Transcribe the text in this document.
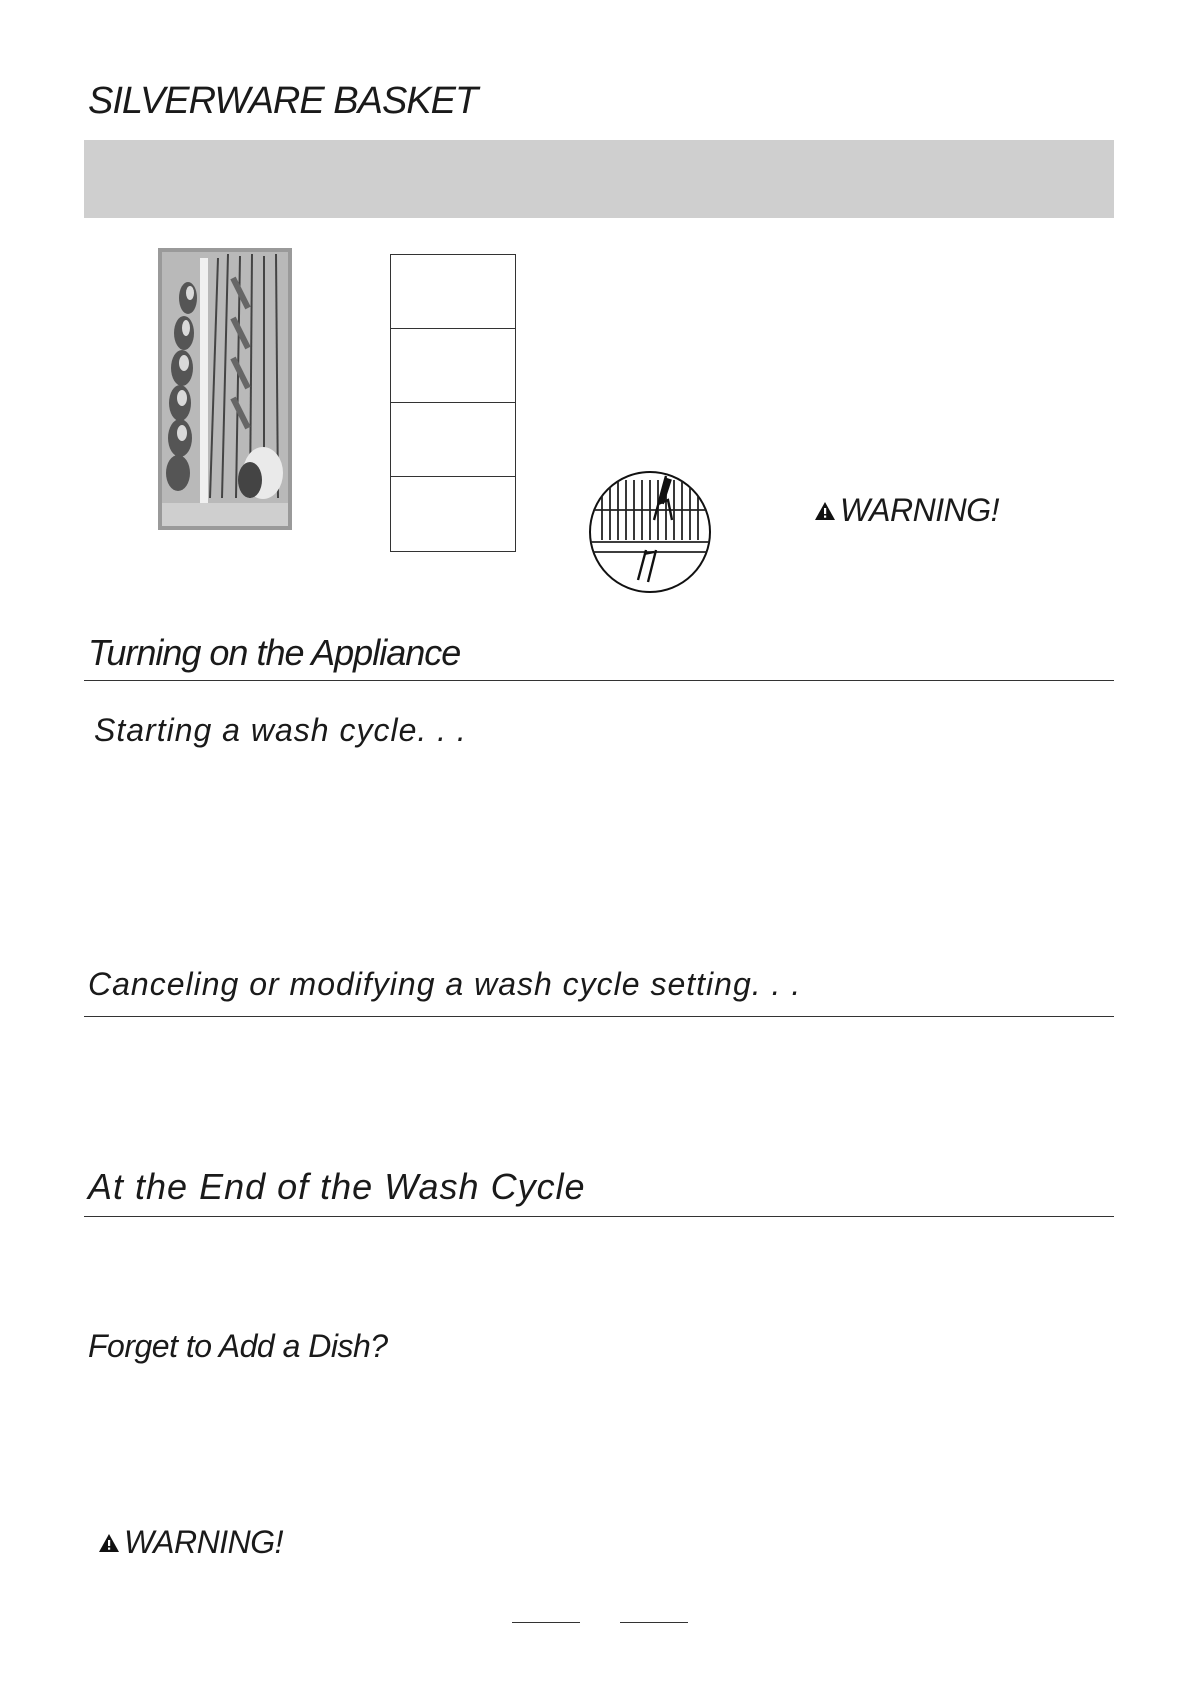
SILVERWARE BASKET
WARNING!
Turning on the Appliance
Starting a wash cycle. . .
Canceling or modifying a wash cycle setting. . .
At the End of the Wash Cycle
Forget to Add a Dish?
WARNING!
